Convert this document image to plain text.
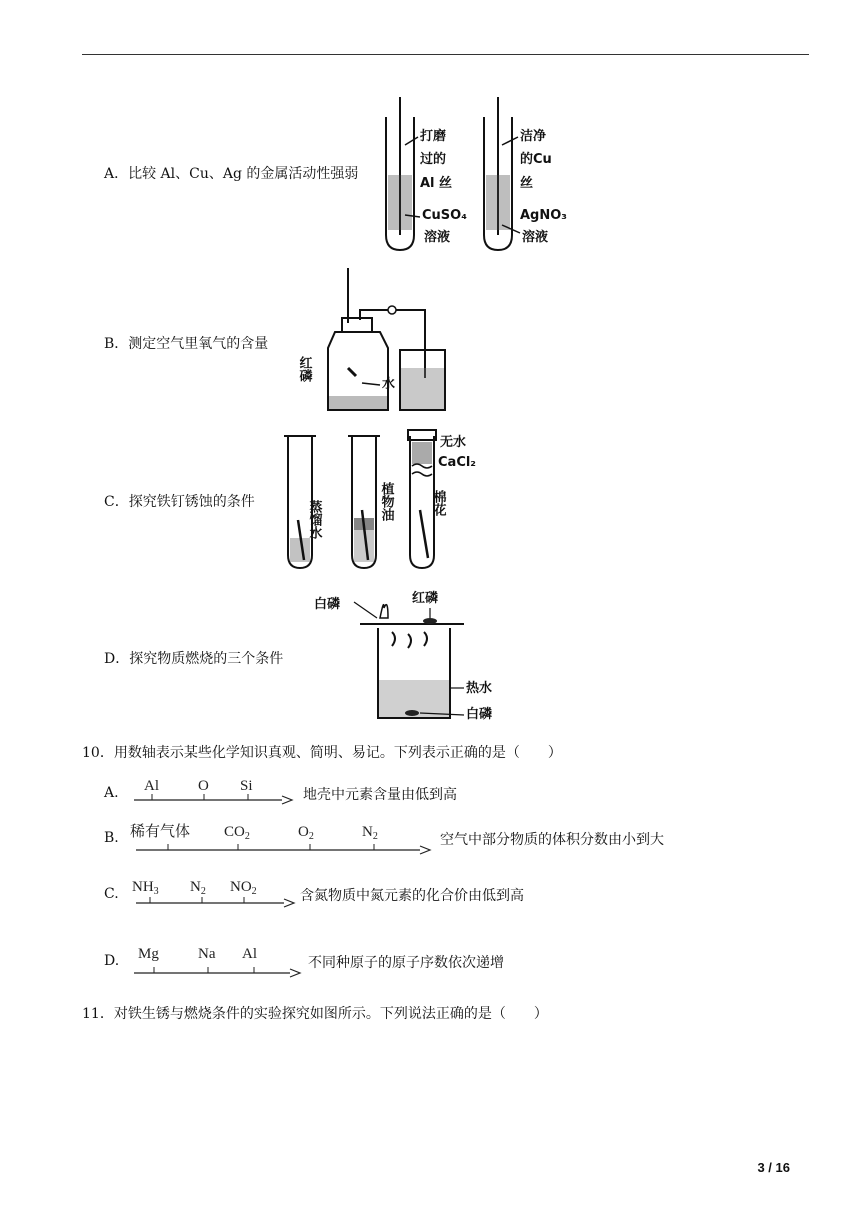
A．比较 Al、Cu、Ag 的金属活动性强弱
打磨
过的
Al 丝
CuSO₄
溶液
洁净
的Cu
丝
AgNO₃
溶液
B．测定空气里氧气的含量
红磷
水
C．探究铁钉锈蚀的条件	蒸馏水	植物油
无水
CaCl₂
棉花
D．探究物质燃烧的三个条件
白磷	红磷
热水
白磷
10．用数轴表示某些化学知识真观、简明、易记。下列表示正确的是（　　）
A. Al	O Si
地壳中元素含量由低到高
B. 稀有气体 $CO_2$	$O_2$	$N_2$	空气中部分物质的体积分数由小到大
C. $NH_3$ $N_2$ $NO_2$	含氮物质中氮元素的化合价由低到高
D. Mg	Na Al
不同种原子的原子序数依次递增
11．对铁生锈与燃烧条件的实验探究如图所示。下列说法正确的是（　　）
3 / 16
